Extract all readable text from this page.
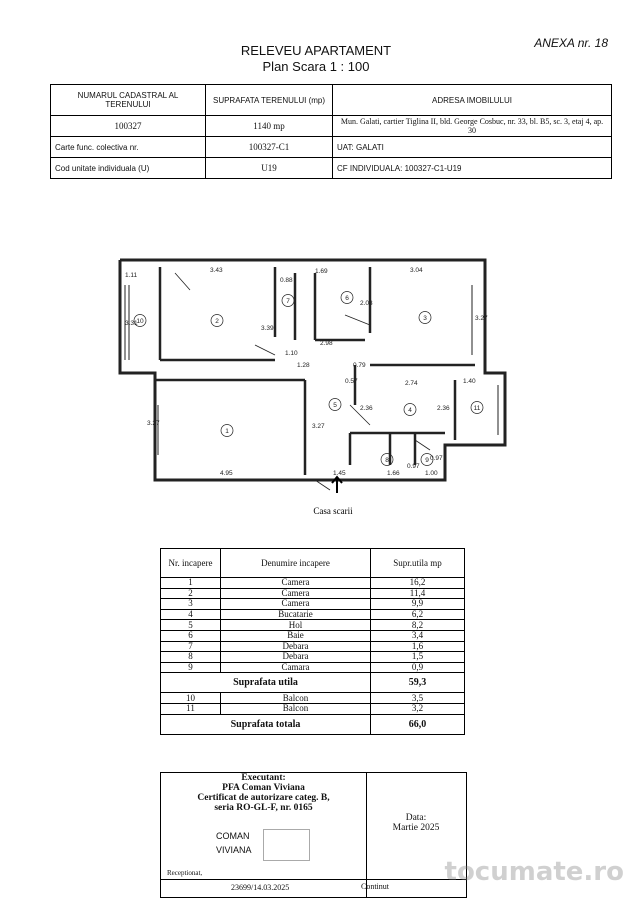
ANEXA nr. 18
RELEVEU APARTAMENT
Plan Scara 1 : 100
NUMARUL CADASTRAL AL TERENULUI	SUPRAFATA TERENULUI (mp)	ADRESA IMOBILULUI
100327	1140 mp	Mun. Galati, cartier Tiglina II, bld. George Cosbuc, nr. 33, bl. B5, sc. 3, etaj 4, ap. 30
Carte func. colectiva nr.	100327-C1	UAT: GALATI
Cod unitate individuala (U)	U19	CF INDIVIDUALA: 100327-C1-U19
1.11
3.43
0.88
1.69	3.04
3.31
3.39
1.10
2.98
2.03
0.79
3.27
1.28
2.74	1.40
3.27	3.27
2.36
2.36
4.95	1.45	1.66	1.00
0.97
0.97
0.57
1
2	3
4
5
6
7
8	9
10
11
Casa scarii
Nr. incapere	Denumire incapere	Supr.utila mp
1	Camera	16,2
2	Camera	11,4
3	Camera	9,9
4	Bucatarie	6,2
5	Hol	8,2
6	Baie	3,4
7	Debara	1,6
8	Debara	1,5
9	Camara	0,9
Suprafata utila		59,3
10	Balcon	3,5
11	Balcon	3,2
Suprafata totala		66,0
Executant:
PFA Coman Viviana
Certificat de autorizare categ. B,
seria RO-GL-F, nr. 0165
COMAN
VIVIANA
Data:
Martie 2025
Receptionat,
23699/14.03.2025	Continut tocumate.ro
